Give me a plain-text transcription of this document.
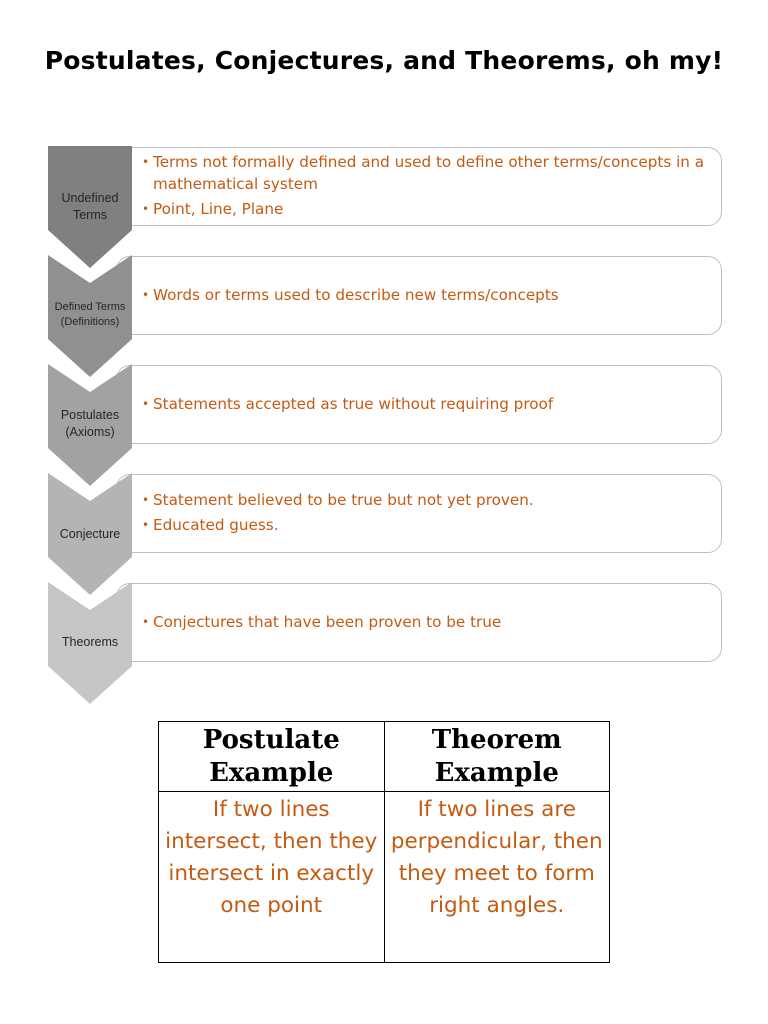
Postulates, Conjectures, and Theorems, oh my!
Undefined
Terms
• Terms not formally defined and used to define other terms/concepts in a mathematical system
• Point, Line, Plane
Defined Terms
(Definitions)
• Words or terms used to describe new terms/concepts
Postulates
(Axioms)
• Statements accepted as true without requiring proof
Conjecture
• Statement believed to be true but not yet proven.
• Educated guess.
Theorems
• Conjectures that have been proven to be true
Postulate Example	Theorem Example
If two lines intersect, then they intersect in exactly one point	If two lines are perpendicular, then they meet to form right angles.
